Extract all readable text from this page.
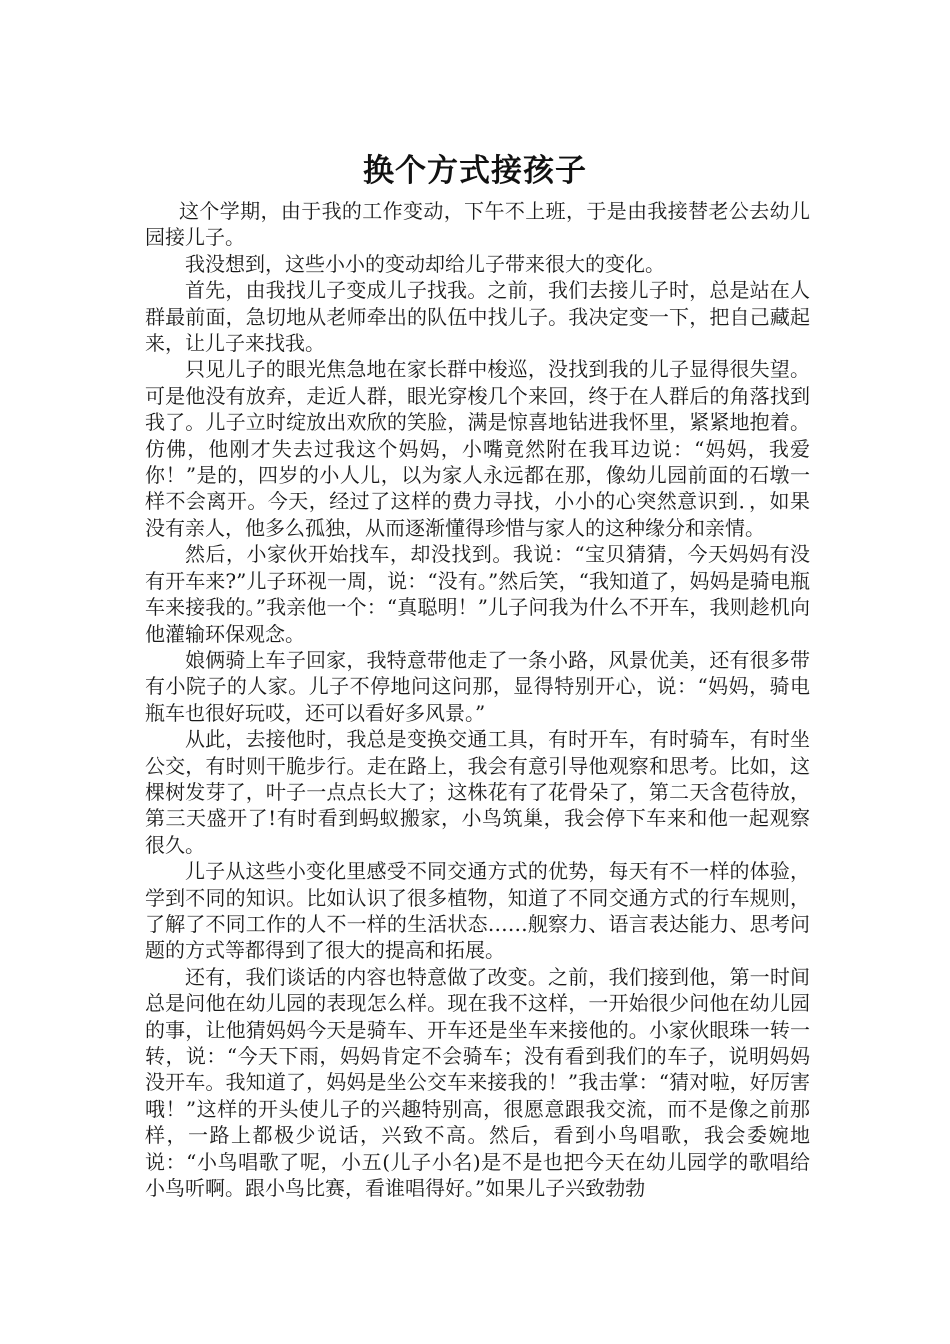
换个方式接孩子

这个学期，由于我的工作变动，下午不上班，于是由我接替老公去幼儿园接儿子。

我没想到，这些小小的变动却给儿子带来很大的变化。

首先，由我找儿子变成儿子找我。之前，我们去接儿子时，总是站在人群最前面，急切地从老师牵出的队伍中找儿子。我决定变一下，把自己藏起来，让儿子来找我。

只见儿子的眼光焦急地在家长群中梭巡，没找到我的儿子显得很失望。可是他没有放弃，走近人群，眼光穿梭几个来回，终于在人群后的角落找到我了。儿子立时绽放出欢欣的笑脸，满是惊喜地钻进我怀里，紧紧地抱着。仿佛，他刚才失去过我这个妈妈，小嘴竟然附在我耳边说：“妈妈，我爱你！”是的，四岁的小人儿，以为家人永远都在那，像幼儿园前面的石墩一样不会离开。今天，经过了这样的费力寻找，小小的心突然意识到．，如果没有亲人，他多么孤独，从而逐渐懂得珍惜与家人的这种缘分和亲情。

然后，小家伙开始找车，却没找到。我说：“宝贝猜猜，今天妈妈有没有开车来?”儿子环视一周，说：“没有。”然后笑，“我知道了，妈妈是骑电瓶车来接我的。”我亲他一个：“真聪明！”儿子问我为什么不开车，我则趁机向他灌输环保观念。

娘俩骑上车子回家，我特意带他走了一条小路，风景优美，还有很多带有小院子的人家。儿子不停地问这问那，显得特别开心，说：“妈妈，骑电瓶车也很好玩哎，还可以看好多风景。”

从此，去接他时，我总是变换交通工具，有时开车，有时骑车，有时坐公交，有时则干脆步行。走在路上，我会有意引导他观察和思考。比如，这棵树发芽了，叶子一点点长大了；这株花有了花骨朵了，第二天含苞待放，第三天盛开了!有时看到蚂蚁搬家，小鸟筑巢，我会停下车来和他一起观察很久。

儿子从这些小变化里感受不同交通方式的优势，每天有不一样的体验，学到不同的知识。比如认识了很多植物，知道了不同交通方式的行车规则，了解了不同工作的人不一样的生活状态……舰察力、语言表达能力、思考问题的方式等都得到了很大的提高和拓展。

还有，我们谈话的内容也特意做了改变。之前，我们接到他，第一时间总是问他在幼儿园的表现怎么样。现在我不这样，一开始很少问他在幼儿园的事，让他猜妈妈今天是骑车、开车还是坐车来接他的。小家伙眼珠一转一转，说：“今天下雨，妈妈肯定不会骑车；没有看到我们的车子，说明妈妈没开车。我知道了，妈妈是坐公交车来接我的！”我击掌：“猜对啦，好厉害哦！”这样的开头使儿子的兴趣特别高，很愿意跟我交流，而不是像之前那样，一路上都极少说话，兴致不高。然后，看到小鸟唱歌，我会委婉地说：“小鸟唱歌了呢，小五(儿子小名)是不是也把今天在幼儿园学的歌唱给小鸟听啊。跟小鸟比赛，看谁唱得好。”如果儿子兴致勃勃
